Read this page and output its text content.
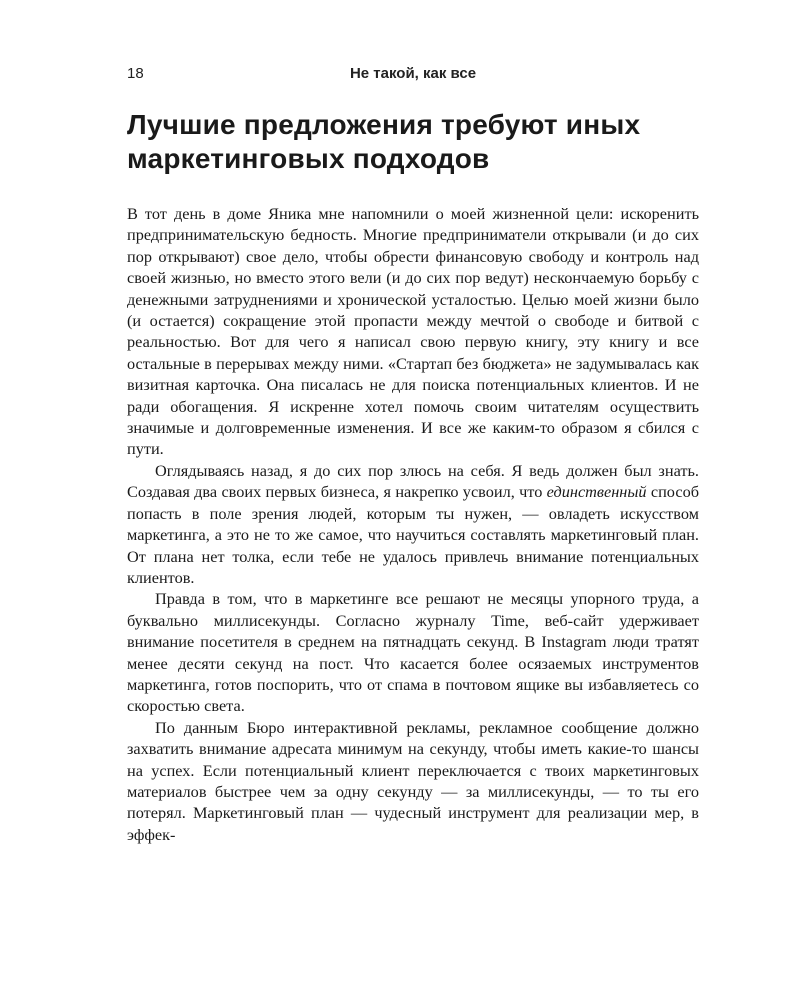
18	Не такой, как все
Лучшие предложения требуют иных маркетинговых подходов

В тот день в доме Яника мне напомнили о моей жизненной цели: искоренить предпринимательскую бедность. Многие предприниматели открывали (и до сих пор открывают) свое дело, чтобы обрести финансовую свободу и контроль над своей жизнью, но вместо этого вели (и до сих пор ведут) нескончаемую борьбу с денежными затруднениями и хронической усталостью. Целью моей жизни было (и остается) сокращение этой пропасти между мечтой о свободе и битвой с реальностью. Вот для чего я написал свою первую книгу, эту книгу и все остальные в перерывах между ними. «Стартап без бюджета» не задумывалась как визитная карточка. Она писалась не для поиска потенциальных клиентов. И не ради обогащения. Я искренне хотел помочь своим читателям осуществить значимые и долговременные изменения. И все же каким-то образом я сбился с пути.

Оглядываясь назад, я до сих пор злюсь на себя. Я ведь должен был знать. Создавая два своих первых бизнеса, я накрепко усвоил, что единственный способ попасть в поле зрения людей, которым ты нужен, — овладеть искусством маркетинга, а это не то же самое, что научиться составлять маркетинговый план. От плана нет толка, если тебе не удалось привлечь внимание потенциальных клиентов.

Правда в том, что в маркетинге все решают не месяцы упорного труда, а буквально миллисекунды. Согласно журналу Time, веб-сайт удерживает внимание посетителя в среднем на пятнадцать секунд. В Instagram люди тратят менее десяти секунд на пост. Что касается более осязаемых инструментов маркетинга, готов поспорить, что от спама в почтовом ящике вы избавляетесь со скоростью света.

По данным Бюро интерактивной рекламы, рекламное сообщение должно захватить внимание адресата минимум на секунду, чтобы иметь какие-то шансы на успех. Если потенциальный клиент переключается с твоих маркетинговых материалов быстрее чем за одну секунду — за миллисекунды, — то ты его потерял. Маркетинговый план — чудесный инструмент для реализации мер, в эффек-
